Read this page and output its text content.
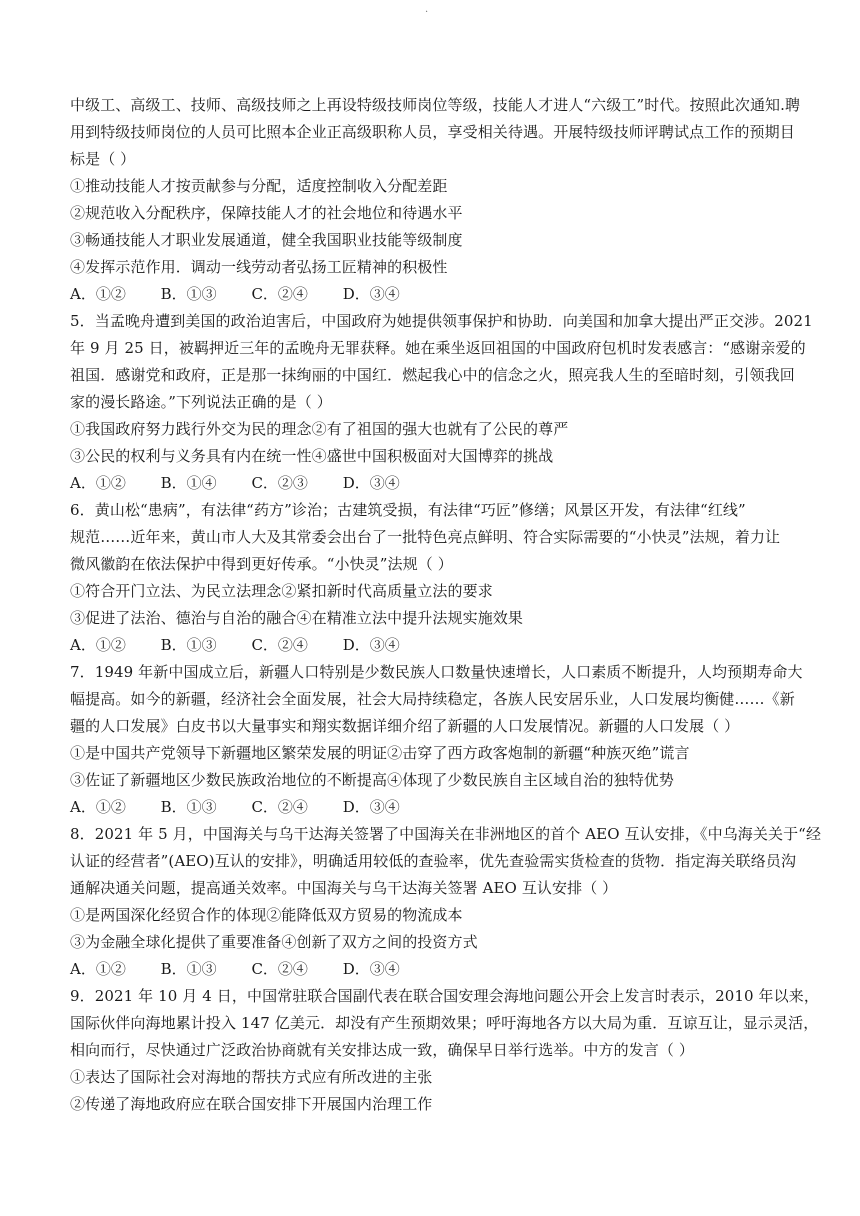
.
中级工、高级工、技师、高级技师之上再设特级技师岗位等级，技能人才进人“六级工”时代。按照此次通知.聘
用到特级技师岗位的人员可比照本企业正高级职称人员，享受相关待遇。开展特级技师评聘试点工作的预期目
标是（ ）
①推动技能人才按贡献参与分配，适度控制收入分配差距
②规范收入分配秩序，保障技能人才的社会地位和待遇水平
③畅通技能人才职业发展通道，健全我国职业技能等级制度
④发挥示范作用．调动一线劳动者弘扬工匠精神的积极性
A．①② B．①③ C．②④ D．③④
5．当孟晚舟遭到美国的政治迫害后，中国政府为她提供领事保护和协助．向美国和加拿大提出严正交涉。2021
年 9 月 25 日，被羁押近三年的孟晚舟无罪获释。她在乘坐返回祖国的中国政府包机时发表感言：“感谢亲爱的
祖国．感谢党和政府，正是那一抹绚丽的中国红．燃起我心中的信念之火，照亮我人生的至暗时刻，引领我回
家的漫长路途。”下列说法正确的是（ ）
①我国政府努力践行外交为民的理念②有了祖国的强大也就有了公民的尊严
③公民的权利与义务具有内在统一性④盛世中国积极面对大国博弈的挑战
A．①② B．①④ C．②③ D．③④
6．黄山松“患病”，有法律“药方”诊治；古建筑受损，有法律“巧匠”修缮；风景区开发，有法律“红线”
规范……近年来，黄山市人大及其常委会出台了一批特色亮点鲜明、符合实际需要的“小快灵”法规，着力让
微风徽韵在依法保护中得到更好传承。“小快灵”法规（ ）
①符合开门立法、为民立法理念②紧扣新时代高质量立法的要求
③促进了法治、德治与自治的融合④在精准立法中提升法规实施效果
A．①② B．①③ C．②④ D．③④
7．1949 年新中国成立后，新疆人口特别是少数民族人口数量快速增长，人口素质不断提升，人均预期寿命大
幅提高。如今的新疆，经济社会全面发展，社会大局持续稳定，各族人民安居乐业，人口发展均衡健……《新
疆的人口发展》白皮书以大量事实和翔实数据详细介绍了新疆的人口发展情况。新疆的人口发展（ ）
①是中国共产党领导下新疆地区繁荣发展的明证②击穿了西方政客炮制的新疆“种族灭绝”谎言
③佐证了新疆地区少数民族政治地位的不断提高④体现了少数民族自主区域自治的独特优势
A．①② B．①③ C．②④ D．③④
8．2021 年 5 月，中国海关与乌干达海关签署了中国海关在非洲地区的首个 AEO 互认安排，《中乌海关关于“经
认证的经营者”(AEO)互认的安排》，明确适用较低的查验率，优先查验需实货检查的货物．指定海关联络员沟
通解决通关问题，提高通关效率。中国海关与乌干达海关签署 AEO 互认安排（ ）
①是两国深化经贸合作的体现②能降低双方贸易的物流成本
③为金融全球化提供了重要准备④创新了双方之间的投资方式
A．①② B．①③ C．②④ D．③④
9．2021 年 10 月 4 日，中国常驻联合国副代表在联合国安理会海地问题公开会上发言时表示，2010 年以来，
国际伙伴向海地累计投入 147 亿美元．却没有产生预期效果；呼吁海地各方以大局为重．互谅互让，显示灵活，
相向而行，尽快通过广泛政治协商就有关安排达成一致，确保早日举行选举。中方的发言（ ）
①表达了国际社会对海地的帮扶方式应有所改进的主张
②传递了海地政府应在联合国安排下开展国内治理工作
